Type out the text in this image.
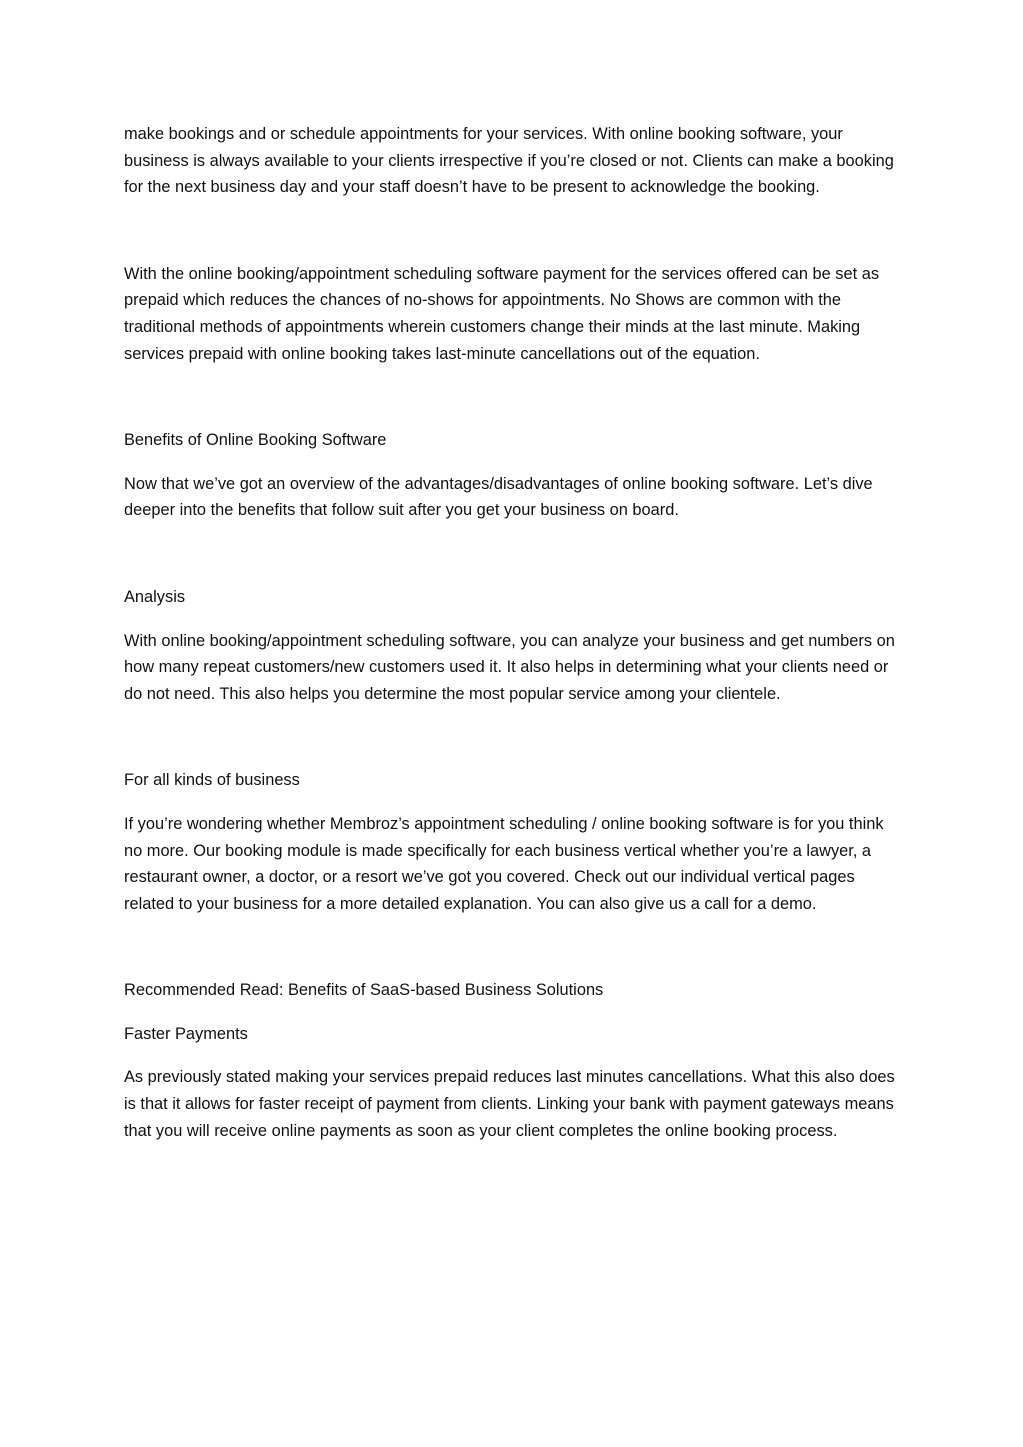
make bookings and or schedule appointments for your services. With online booking software, your business is always available to your clients irrespective if you’re closed or not. Clients can make a booking for the next business day and your staff doesn’t have to be present to acknowledge the booking.

With the online booking/appointment scheduling software payment for the services offered can be set as prepaid which reduces the chances of no-shows for appointments. No Shows are common with the traditional methods of appointments wherein customers change their minds at the last minute. Making services prepaid with online booking takes last-minute cancellations out of the equation.

Benefits of Online Booking Software

Now that we’ve got an overview of the advantages/disadvantages of online booking software. Let’s dive deeper into the benefits that follow suit after you get your business on board.

Analysis

With online booking/appointment scheduling software, you can analyze your business and get numbers on how many repeat customers/new customers used it. It also helps in determining what your clients need or do not need. This also helps you determine the most popular service among your clientele.

For all kinds of business

If you’re wondering whether Membroz’s appointment scheduling / online booking software is for you think no more. Our booking module is made specifically for each business vertical whether you’re a lawyer, a restaurant owner, a doctor, or a resort we’ve got you covered. Check out our individual vertical pages related to your business for a more detailed explanation. You can also give us a call for a demo.

Recommended Read: Benefits of SaaS-based Business Solutions

Faster Payments

As previously stated making your services prepaid reduces last minutes cancellations. What this also does is that it allows for faster receipt of payment from clients. Linking your bank with payment gateways means that you will receive online payments as soon as your client completes the online booking process.
